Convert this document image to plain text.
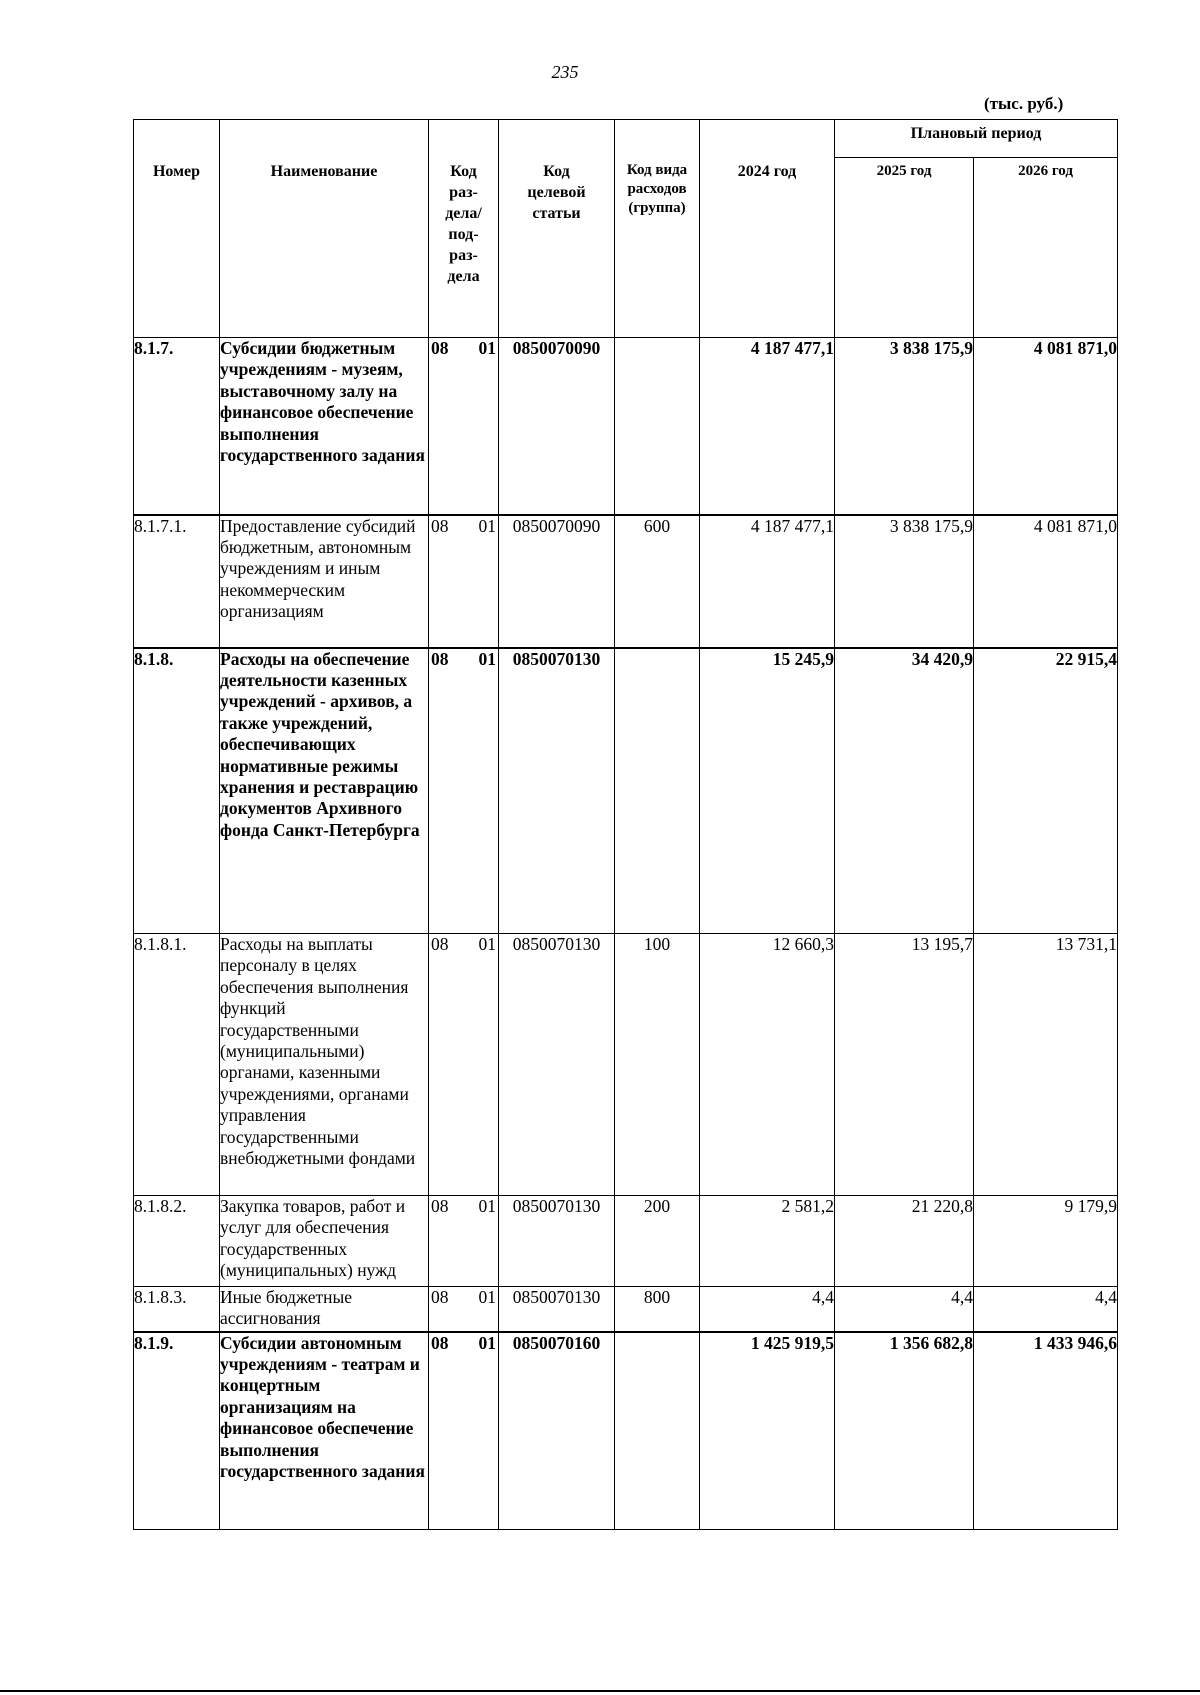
235
(тыс. руб.)
Номер	Наименование	Код раз-дела/ под-раз-дела	Код целевой статьи	Код вида расходов (группа)	2024 год	Плановый период	
						2025 год	2026 год
8.1.7.	Субсидии бюджетным учреждениям - музеям, выставочному залу на финансовое обеспечение выполнения государственного задания	08 01	0850070090		4 187 477,1	3 838 175,9	4 081 871,0
8.1.7.1.	Предоставление субсидий бюджетным, автономным учреждениям и иным некоммерческим организациям	08 01	0850070090	600	4 187 477,1	3 838 175,9	4 081 871,0
8.1.8.	Расходы на обеспечение деятельности казенных учреждений - архивов, а также учреждений, обеспечивающих нормативные режимы хранения и реставрацию документов Архивного фонда Санкт-Петербурга	08 01	0850070130		15 245,9	34 420,9	22 915,4
8.1.8.1.	Расходы на выплаты персоналу в целях обеспечения выполнения функций государственными (муниципальными) органами, казенными учреждениями, органами управления государственными внебюджетными фондами	08 01	0850070130	100	12 660,3	13 195,7	13 731,1
8.1.8.2.	Закупка товаров, работ и услуг для обеспечения государственных (муниципальных) нужд	08 01	0850070130	200	2 581,2	21 220,8	9 179,9
8.1.8.3.	Иные бюджетные ассигнования	08 01	0850070130	800	4,4	4,4	4,4
8.1.9.	Субсидии автономным учреждениям - театрам и концертным организациям на финансовое обеспечение выполнения государственного задания	08 01	0850070160		1 425 919,5	1 356 682,8	1 433 946,6
